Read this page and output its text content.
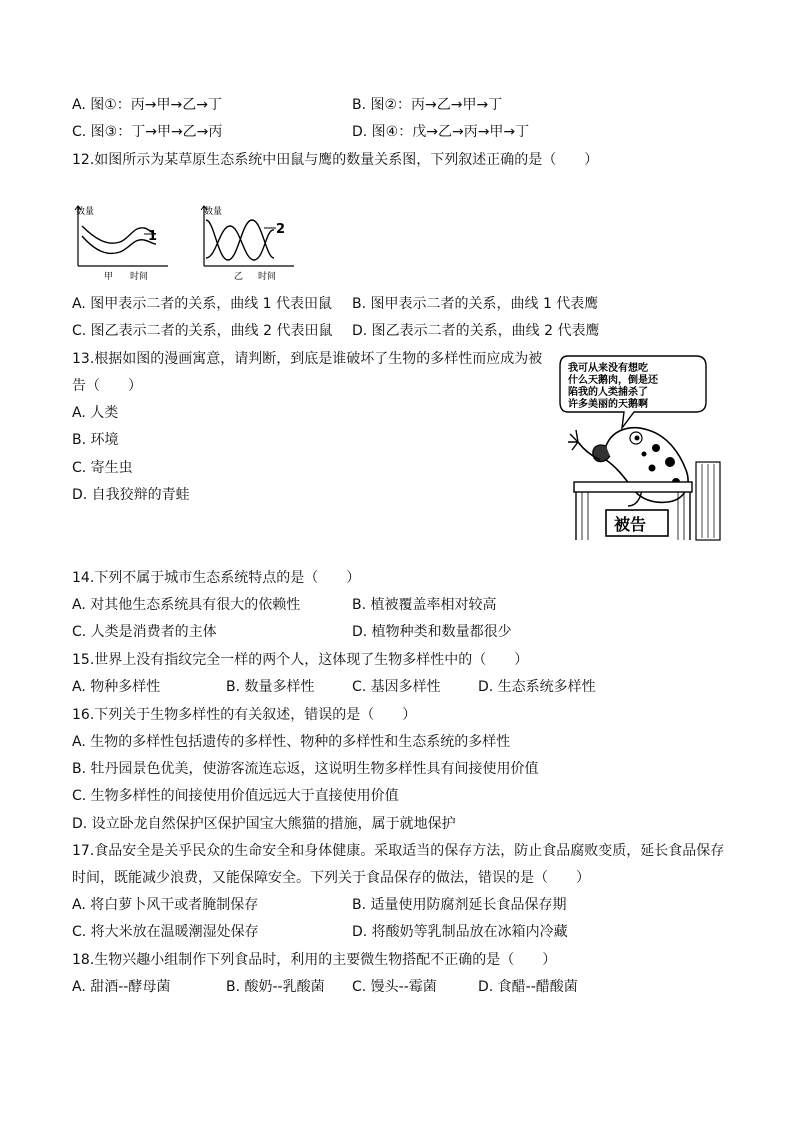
A. 图①：丙→甲→乙→丁	B. 图②：丙→乙→甲→丁
C. 图③：丁→甲→乙→丙	D. 图④：戊→乙→丙→甲→丁
12.如图所示为某草原生态系统中田鼠与鹰的数量关系图，下列叙述正确的是（　　）
数量
1
甲 时间
数量
2
乙 时间
A. 图甲表示二者的关系，曲线 1 代表田鼠 B. 图甲表示二者的关系，曲线 1 代表鹰
C. 图乙表示二者的关系，曲线 2 代表田鼠 D. 图乙表示二者的关系，曲线 2 代表鹰
13.根据如图的漫画寓意，请判断，到底是谁破坏了生物的多样性而应成为被
告（　　）
A. 人类
B. 环境
C. 寄生虫
D. 自我狡辩的青蛙
我可从来没有想吃
什么天鹅肉，倒是还
陷我的人类捕杀了
许多美丽的天鹅啊
被告
14.下列不属于城市生态系统特点的是（　　）
A. 对其他生态系统具有很大的依赖性	B. 植被覆盖率相对较高
C. 人类是消费者的主体	D. 植物种类和数量都很少
15.世界上没有指纹完全一样的两个人，这体现了生物多样性中的（　　）
A. 物种多样性	B. 数量多样性	C. 基因多样性	D. 生态系统多样性
16.下列关于生物多样性的有关叙述，错误的是（　　）
A. 生物的多样性包括遗传的多样性、物种的多样性和生态系统的多样性
B. 牡丹园景色优美，使游客流连忘返，这说明生物多样性具有间接使用价值
C. 生物多样性的间接使用价值远远大于直接使用价值
D. 设立卧龙自然保护区保护国宝大熊猫的措施，属于就地保护
17.食品安全是关乎民众的生命安全和身体健康。采取适当的保存方法，防止食品腐败变质，延长食品保存
时间，既能减少浪费，又能保障安全。下列关于食品保存的做法，错误的是（　　）
A. 将白萝卜风干或者腌制保存	B. 适量使用防腐剂延长食品保存期
C. 将大米放在温暖潮湿处保存	D. 将酸奶等乳制品放在冰箱内冷藏
18.生物兴趣小组制作下列食品时，利用的主要微生物搭配不正确的是（　　）
A. 甜酒--酵母菌	B. 酸奶--乳酸菌 C. 馒头--霉菌	D. 食醋--醋酸菌
